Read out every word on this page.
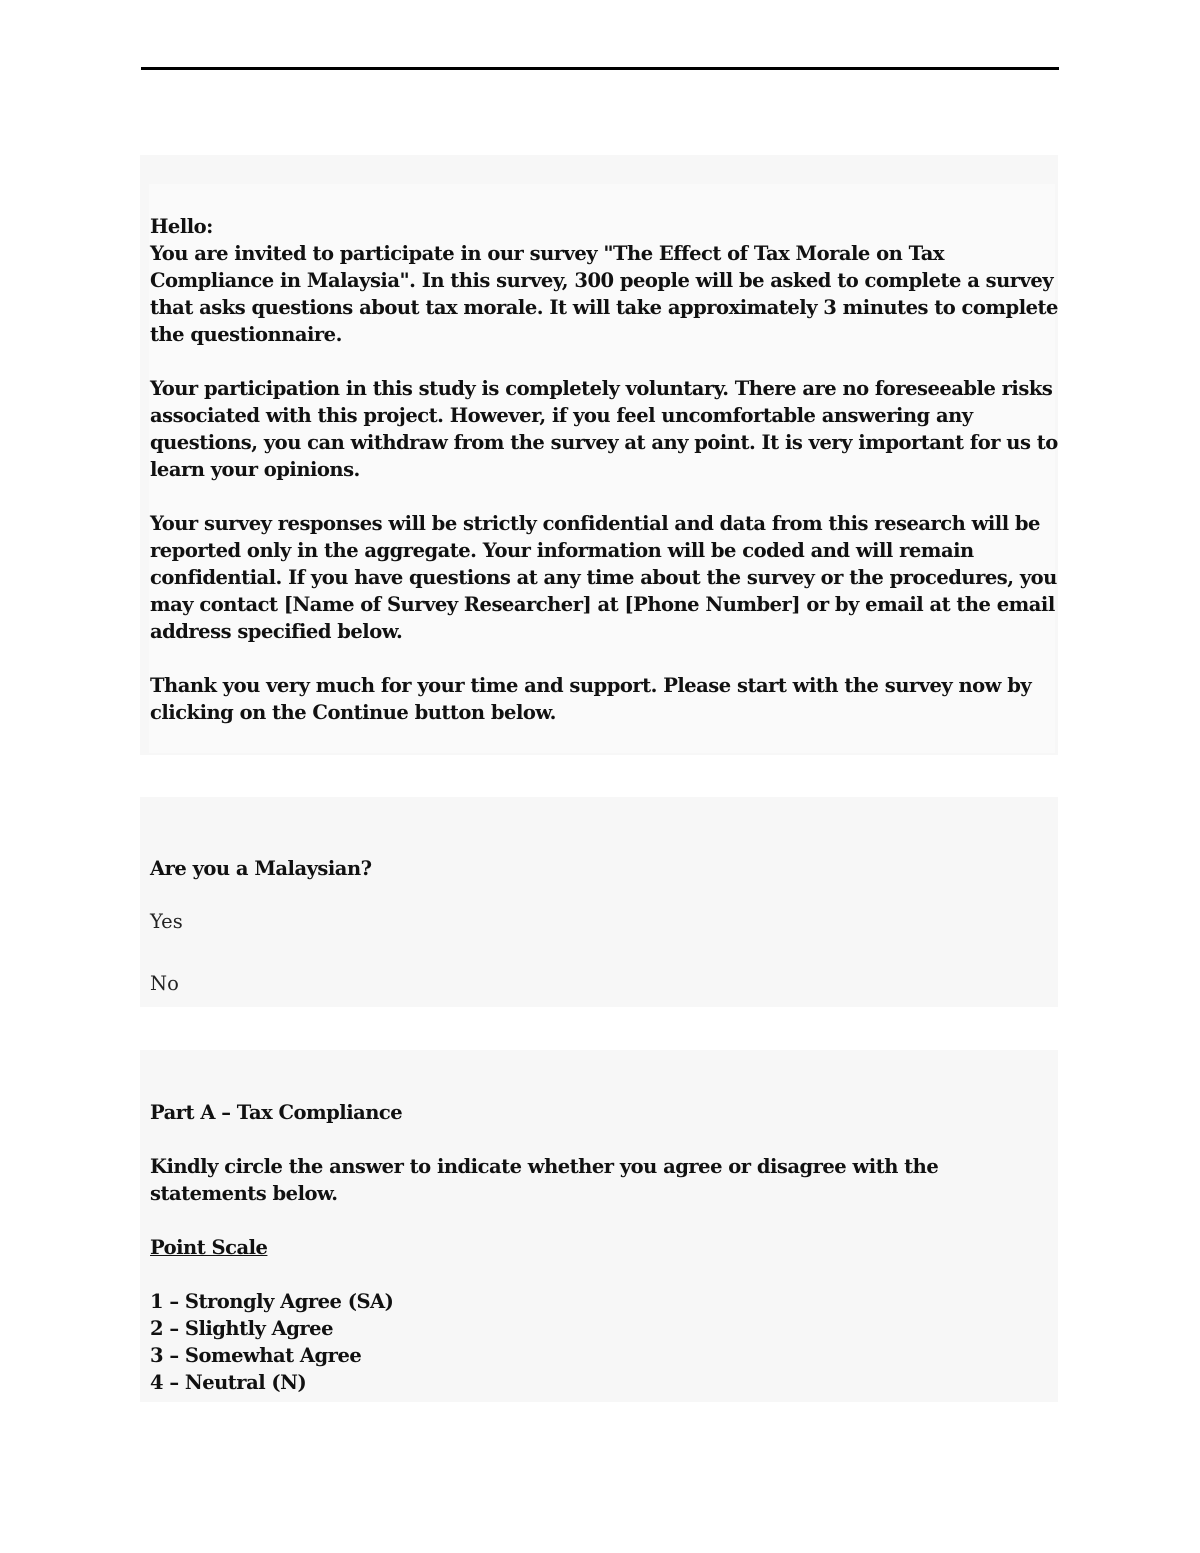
Hello:

You are invited to participate in our survey "The Effect of Tax Morale on Tax Compliance in Malaysia". In this survey, 300 people will be asked to complete a survey that asks questions about tax morale. It will take approximately 3 minutes to complete the questionnaire.

Your participation in this study is completely voluntary. There are no foreseeable risks associated with this project. However, if you feel uncomfortable answering any questions, you can withdraw from the survey at any point. It is very important for us to learn your opinions.

Your survey responses will be strictly confidential and data from this research will be reported only in the aggregate. Your information will be coded and will remain confidential. If you have questions at any time about the survey or the procedures, you may contact [Name of Survey Researcher] at [Phone Number] or by email at the email address specified below.

Thank you very much for your time and support. Please start with the survey now by clicking on the Continue button below.

Are you a Malaysian?
Yes
No

Part A – Tax Compliance

Kindly circle the answer to indicate whether you agree or disagree with the statements below.

Point Scale

1 – Strongly Agree (SA)
2 – Slightly Agree
3 – Somewhat Agree
4 – Neutral (N)
